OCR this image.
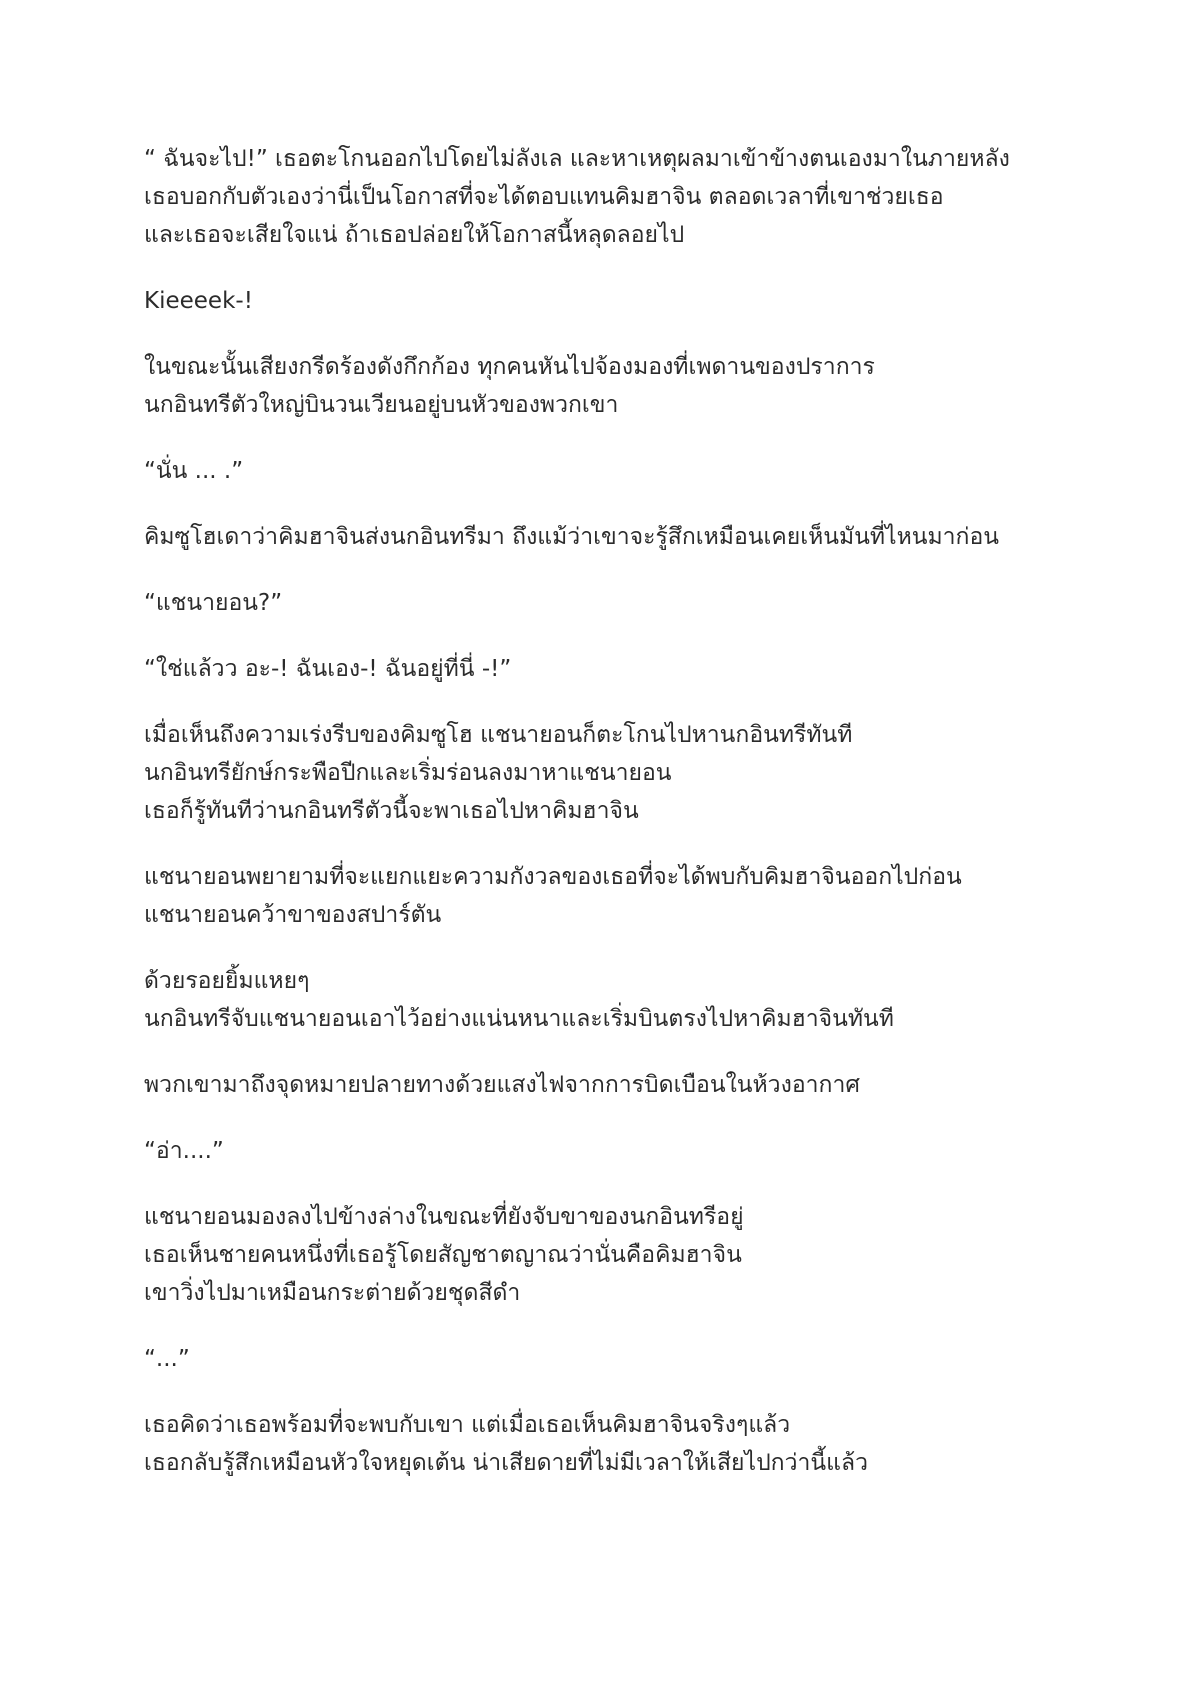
“ ฉันจะไป!” เธอตะโกนออกไปโดยไม่ลังเล และหาเหตุผลมาเข้าข้างตนเองมาในภายหลัง
เธอบอกกับตัวเองว่านี่เป็นโอกาสที่จะได้ตอบแทนคิมฮาจิน ตลอดเวลาที่เขาช่วยเธอ
และเธอจะเสียใจแน่ ถ้าเธอปล่อยให้โอกาสนี้หลุดลอยไป
Kieeeek-!
ในขณะนั้นเสียงกรีดร้องดังกึกก้อง ทุกคนหันไปจ้องมองที่เพดานของปราการ
นกอินทรีตัวใหญ่บินวนเวียนอยู่บนหัวของพวกเขา
“นั่น ... .”
คิมซูโฮเดาว่าคิมฮาจินส่งนกอินทรีมา ถึงแม้ว่าเขาจะรู้สึกเหมือนเคยเห็นมันที่ไหนมาก่อน
“แชนายอน?”
“ใช่แล้วว อะ-! ฉันเอง-! ฉันอยู่ที่นี่ -!”
เมื่อเห็นถึงความเร่งรีบของคิมซูโฮ แชนายอนก็ตะโกนไปหานกอินทรีทันที
นกอินทรียักษ์กระพือปีกและเริ่มร่อนลงมาหาแชนายอน
เธอก็รู้ทันทีว่านกอินทรีตัวนี้จะพาเธอไปหาคิมฮาจิน
แชนายอนพยายามที่จะแยกแยะความกังวลของเธอที่จะได้พบกับคิมฮาจินออกไปก่อน
แชนายอนคว้าขาของสปาร์ตัน
ด้วยรอยยิ้มแหยๆ
นกอินทรีจับแชนายอนเอาไว้อย่างแน่นหนาและเริ่มบินตรงไปหาคิมฮาจินทันที
พวกเขามาถึงจุดหมายปลายทางด้วยแสงไฟจากการบิดเบือนในห้วงอากาศ
“อ่า....”
แชนายอนมองลงไปข้างล่างในขณะที่ยังจับขาของนกอินทรีอยู่
เธอเห็นชายคนหนึ่งที่เธอรู้โดยสัญชาตญาณว่านั่นคือคิมฮาจิน
เขาวิ่งไปมาเหมือนกระต่ายด้วยชุดสีดำ
“...”
เธอคิดว่าเธอพร้อมที่จะพบกับเขา แต่เมื่อเธอเห็นคิมฮาจินจริงๆแล้ว
เธอกลับรู้สึกเหมือนหัวใจหยุดเต้น น่าเสียดายที่ไม่มีเวลาให้เสียไปกว่านี้แล้ว
